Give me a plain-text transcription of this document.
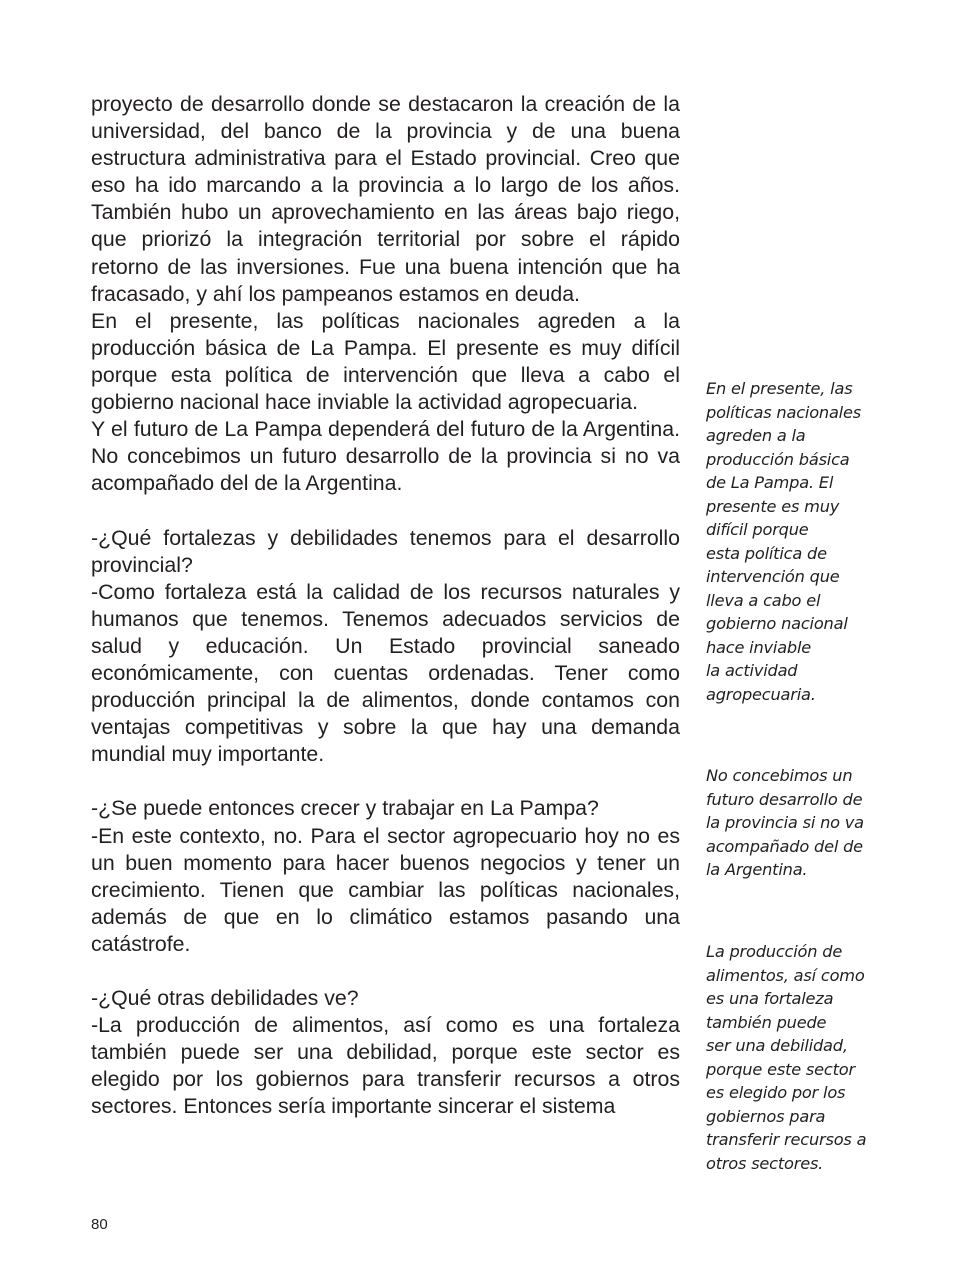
proyecto de desarrollo donde se destacaron la creación de la universidad, del banco de la provincia y de una buena estructura administrativa para el Estado provincial. Creo que eso ha ido marcando a la provincia a lo largo de los años. También hubo un aprovechamiento en las áreas bajo riego, que priorizó la integración territorial por sobre el rápido retorno de las inversiones. Fue una buena intención que ha fracasado, y ahí los pampeanos estamos en deuda.

En el presente, las políticas nacionales agreden a la producción básica de La Pampa. El presente es muy difícil porque esta política de intervención que lleva a cabo el gobierno nacional hace inviable la actividad agropecuaria.

Y el futuro de La Pampa dependerá del futuro de la Argentina. No concebimos un futuro desarrollo de la provincia si no va acompañado del de la Argentina.

-¿Qué fortalezas y debilidades tenemos para el desarrollo provincial?

-Como fortaleza está la calidad de los recursos naturales y humanos que tenemos. Tenemos adecuados servicios de salud y educación. Un Estado provincial saneado económicamente, con cuentas ordenadas. Tener como producción principal la de alimentos, donde contamos con ventajas competitivas y sobre la que hay una demanda mundial muy importante.

-¿Se puede entonces crecer y trabajar en La Pampa?

-En este contexto, no. Para el sector agropecuario hoy no es un buen momento para hacer buenos negocios y tener un crecimiento. Tienen que cambiar las políticas nacionales, además de que en lo climático estamos pasando una catástrofe.

-¿Qué otras debilidades ve?

-La producción de alimentos, así como es una fortaleza también puede ser una debilidad, porque este sector es elegido por los gobiernos para transferir recursos a otros sectores. Entonces sería importante sincerar el sistema

En el presente, las
políticas nacionales
agreden a la
producción básica
de La Pampa. El
presente es muy
difícil porque
esta política de
intervención que
lleva a cabo el
gobierno nacional
hace inviable
la actividad
agropecuaria.

No concebimos un
futuro desarrollo de
la provincia si no va
acompañado del de
la Argentina.

La producción de
alimentos, así como
es una fortaleza
también puede
ser una debilidad,
porque este sector
es elegido por los
gobiernos para
transferir recursos a
otros sectores.

80
